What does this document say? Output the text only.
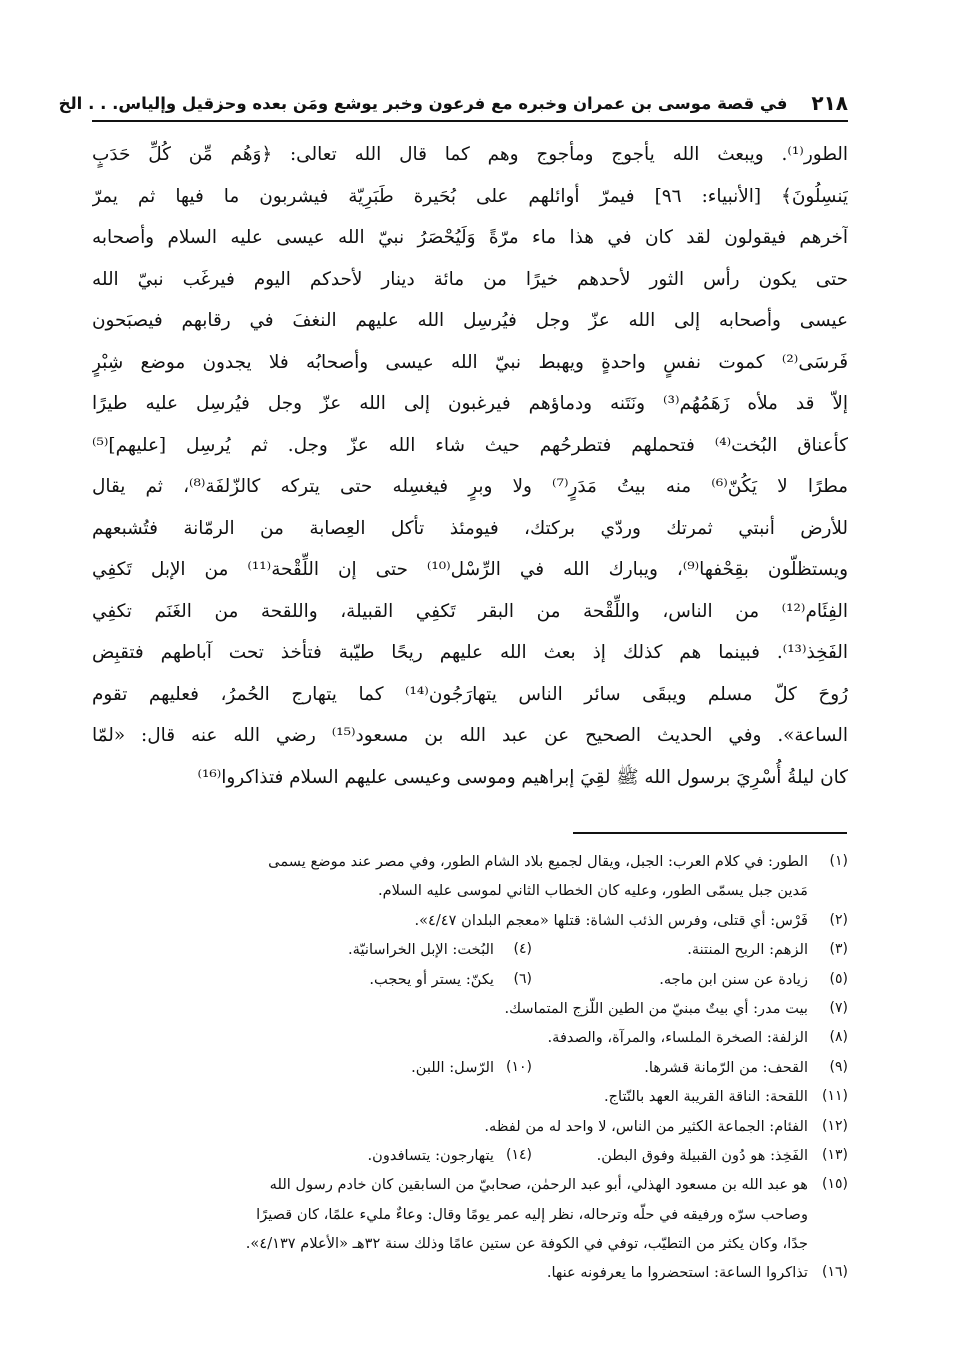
٢١٨
في قصة موسى بن عمران وخبره مع فرعون وخبر يوشع ومَن بعده وحزقيل وإلياس. . . الخ
الطور⁽¹⁾. ويبعث الله يأجوج ومأجوج وهم كما قال الله تعالى: ﴿وَهُم مِّن كُلِّ حَدَبٍ
يَنسِلُونَ﴾ [الأنبياء: ٩٦] فيمرّ أوائلهم على بُحَيرة طَبَرِيّة فيشربون ما فيها ثم يمرّ
آخرهم فيقولون لقد كان في هذا ماء مرّةً وَلَيُحْصَرُ نبيّ الله عيسى عليه السلام وأصحابه
حتى يكون رأس الثور لأحدهم خيرًا من مائة دينار لأحدكم اليوم فيرغَب نبيّ الله
عيسى وأصحابه إلى الله عزّ وجل فيُرسِل الله عليهم النغفَ في رقابهم فيصبَحون
فَرسَى⁽²⁾ كموت نفسٍ واحدةٍ ويهبط نبيّ الله عيسى وأصحابُه فلا يجدون موضع شِبْرٍ
إلاّ قد ملأه زَهَمُهُم⁽³⁾ ونَتَنه ودماؤهم فيرغبون إلى الله عزّ وجل فيُرسِل عليه طيرًا
كأعناق البُخت⁽⁴⁾ فتحملهم فتطرحُهم حيث شاء الله عزّ وجل. ثم يُرسِل [عليهم]⁽⁵⁾
مطرًا لا يَكُنّ⁽⁶⁾ منه بيتُ مَدَرٍ⁽⁷⁾ ولا وبرٍ فيغسِله حتى يتركه كالزّلفَة⁽⁸⁾، ثم يقال
للأرض أنبتي ثمرتك وردّي بركتك، فيومئذ تأكل العِصابة من الرمّانة فتُشبعهم
ويستظلّون بقِحْفها⁽⁹⁾، ويبارك الله في الرِّسْل⁽¹⁰⁾ حتى إن اللِّقْحة⁽¹¹⁾ من الإبل تَكفِي
الفِئَام⁽¹²⁾ من الناس، واللِّقْحة من البقر تَكفِي القبيلة، واللقحة من الغَنَم تكفِي
الفَخِذ⁽¹³⁾. فبينما هم كذلك إذ بعث الله عليهم ريحًا طيّبة فتأخذ تحت آباطهم فتقبِض
رُوحَ كلّ مسلم ويبقَى سائر الناس يتهارَجُون⁽¹⁴⁾ كما يتهارج الحُمرُ، فعليهم تقوم
الساعة». وفي الحديث الصحيح عن عبد الله بن مسعود⁽¹⁵⁾ رضي الله عنه قال: «لمّا
كان ليلةُ أُسْرِيَ برسول الله ﷺ لقِيَ إبراهيم وموسى وعيسى عليهم السلام فتذاكروا⁽¹⁶⁾
(١)
الطور: في كلام العرب: الجبل، ويقال لجميع بلاد الشام الطور، وفي مصر عند موضع يسمى
مَدين جبل يسمّى الطور، وعليه كان الخطاب الثاني لموسى عليه السلام.
(٢)
فَرْس: أي قتلى، وفرس الذئب الشاة: قتلها «معجم البلدان ٤/٤٧».
(٣)
الزهم: الريح المنتنة.
(٤)
البُخت: الإبل الخراسانيّة.
(٥)
زيادة عن سنن ابن ماجه.
(٦)
يكنّ: يستر أو يحجب.
(٧)
بيت مدر: أي بيتٌ مبنيّ من الطين اللّزج المتماسك.
(٨)
الزلفة: الصخرة الملساء، والمرآة، والصدفة.
(٩)
القحف: من الرّمانة قشرها.
(١٠)
الرّسل: اللبن.
(١١)
اللقحة: الناقة القريبة العهد بالنّتاج.
(١٢)
الفئام: الجماعة الكثير من الناس، لا واحد له من لفظه.
(١٣)
الفَخِذ: هو دُون القبيلة وفوق البطن.
(١٤)
يتهارجون: يتسافدون.
(١٥)
هو عبد الله بن مسعود الهذلي، أبو عبد الرحمٰن، صحابيّ من السابقين كان خادم رسول الله
وصاحب سرّه ورفيقه في حلّه وترحاله، نظر إليه عمر يومًا وقال: وعاءٌ مليء علمًا، كان قصيرًا
جدًا، وكان يكثر من التطيّب، توفي في الكوفة عن ستين عامًا وذلك سنة ٣٢هـ «الأعلام ٤/١٣٧».
(١٦)
تذاكروا الساعة: استحضروا ما يعرفونه عنها.
